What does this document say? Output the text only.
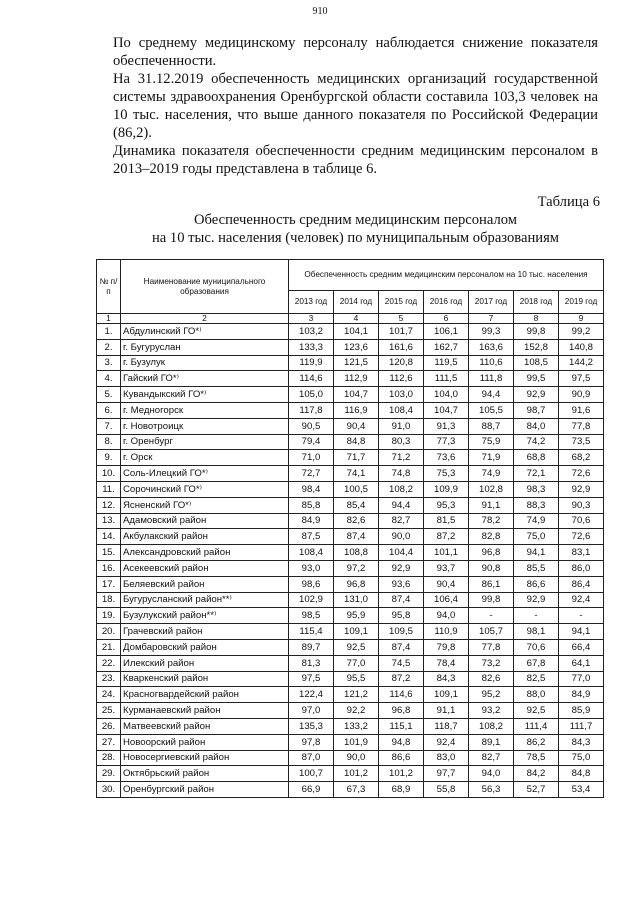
910

По среднему медицинскому персоналу наблюдается снижение показателя обеспеченности.

На 31.12.2019 обеспеченность медицинских организаций государственной системы здравоохранения Оренбургской области составила 103,3 человек на 10 тыс. населения, что выше данного показателя по Российской Федерации (86,2).

Динамика показателя обеспеченности средним медицинским персоналом в 2013–2019 годы представлена в таблице 6.

Таблица 6
Обеспеченность средним медицинским персоналом
на 10 тыс. населения (человек) по муниципальным образованиям
№ п/п	Наименование муниципального образования	Обеспеченность средним медицинским персоналом на 10 тыс. населения						
		2013 год	2014 год	2015 год	2016 год	2017 год	2018 год	2019 год
1	2	3	4	5	6	7	8	9
1.	Абдулинский ГО*⁾	103,2	104,1	101,7	106,1	99,3	99,8	99,2
2.	г. Бугуруслан	133,3	123,6	161,6	162,7	163,6	152,8	140,8
3.	г. Бузулук	119,9	121,5	120,8	119,5	110,6	108,5	144,2
4.	Гайский ГО*⁾	114,6	112,9	112,6	111,5	111,8	99,5	97,5
5.	Кувандыкский ГО*⁾	105,0	104,7	103,0	104,0	94,4	92,9	90,9
6.	г. Медногорск	117,8	116,9	108,4	104,7	105,5	98,7	91,6
7.	г. Новотроицк	90,5	90,4	91,0	91,3	88,7	84,0	77,8
8.	г. Оренбург	79,4	84,8	80,3	77,3	75,9	74,2	73,5
9.	г. Орск	71,0	71,7	71,2	73,6	71,9	68,8	68,2
10.	Соль-Илецкий ГО*⁾	72,7	74,1	74,8	75,3	74,9	72,1	72,6
11.	Сорочинский ГО*⁾	98,4	100,5	108,2	109,9	102,8	98,3	92,9
12.	Ясненский ГО*⁾	85,8	85,4	94,4	95,3	91,1	88,3	90,3
13.	Адамовский район	84,9	82,6	82,7	81,5	78,2	74,9	70,6
14.	Акбулакский район	87,5	87,4	90,0	87,2	82,8	75,0	72,6
15.	Александровский район	108,4	108,8	104,4	101,1	96,8	94,1	83,1
16.	Асекеевский район	93,0	97,2	92,9	93,7	90,8	85,5	86,0
17.	Беляевский район	98,6	96,8	93,6	90,4	86,1	86,6	86,4
18.	Бугурусланский район**⁾	102,9	131,0	87,4	106,4	99,8	92,9	92,4
19.	Бузулукский район**⁾	98,5	95,9	95,8	94,0	-	-	-
20.	Грачевский район	115,4	109,1	109,5	110,9	105,7	98,1	94,1
21.	Домбаровский район	89,7	92,5	87,4	79,8	77,8	70,6	66,4
22.	Илекский район	81,3	77,0	74,5	78,4	73,2	67,8	64,1
23.	Кваркенский район	97,5	95,5	87,2	84,3	82,6	82,5	77,0
24.	Красногвардейский район	122,4	121,2	114,6	109,1	95,2	88,0	84,9
25.	Курманаевский район	97,0	92,2	96,8	91,1	93,2	92,5	85,9
26.	Матвеевский район	135,3	133,2	115,1	118,7	108,2	111,4	111,7
27.	Новоорский район	97,8	101,9	94,8	92,4	89,1	86,2	84,3
28.	Новосергиевский район	87,0	90,0	86,6	83,0	82,7	78,5	75,0
29.	Октябрьский район	100,7	101,2	101,2	97,7	94,0	84,2	84,8
30.	Оренбургский район	66,9	67,3	68,9	55,8	56,3	52,7	53,4
